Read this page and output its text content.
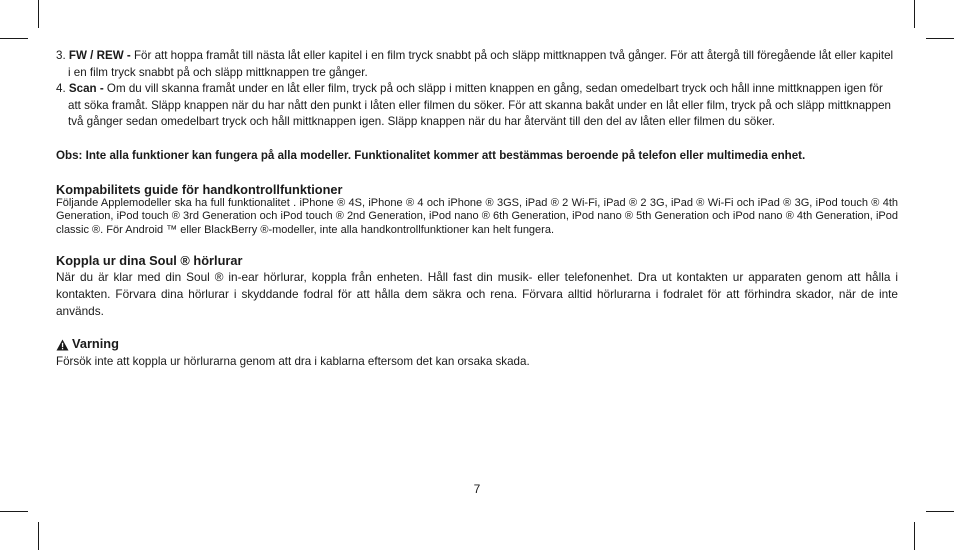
3. FW / REW - För att hoppa framåt till nästa låt eller kapitel i en film tryck snabbt på och släpp mittknappen två gånger. För att återgå till föregående låt eller kapitel i en film tryck snabbt på och släpp mittknappen tre gånger.

4. Scan - Om du vill skanna framåt under en låt eller film, tryck på och släpp i mitten knappen en gång, sedan omedelbart tryck och håll inne mittknappen igen för att söka framåt. Släpp knappen när du har nått den punkt i låten eller filmen du söker. För att skanna bakåt under en låt eller film, tryck på och släpp mittknappen två gånger sedan omedelbart tryck och håll mittknappen igen. Släpp knappen när du har återvänt till den del av låten eller filmen du söker.

Obs: Inte alla funktioner kan fungera på alla modeller. Funktionalitet kommer att bestämmas beroende på telefon eller multimedia enhet.

Kompabilitets guide för handkontrollfunktioner

Följande Applemodeller ska ha full funktionalitet . iPhone ® 4S, iPhone ® 4 och iPhone ® 3GS, iPad ® 2 Wi-Fi, iPad ® 2 3G, iPad ® Wi-Fi och iPad ® 3G, iPod touch ® 4th Generation, iPod touch ® 3rd Generation och iPod touch ® 2nd Generation, iPod nano ® 6th Generation, iPod nano ® 5th Generation och iPod nano ® 4th Generation, iPod classic ®. För Android ™ eller BlackBerry ®-modeller, inte alla handkontrollfunktioner kan helt fungera.

Koppla ur dina Soul ® hörlurar

När du är klar med din Soul ® in-ear hörlurar, koppla från enheten. Håll fast din musik- eller telefonenhet. Dra ut kontakten ur apparaten genom att hålla i kontakten. Förvara dina hörlurar i skyddande fodral för att hålla dem säkra och rena. Förvara alltid hörlurarna i fodralet för att förhindra skador, när de inte används.

Varning

Försök inte att koppla ur hörlurarna genom att dra i kablarna eftersom det kan orsaka skada.

7
